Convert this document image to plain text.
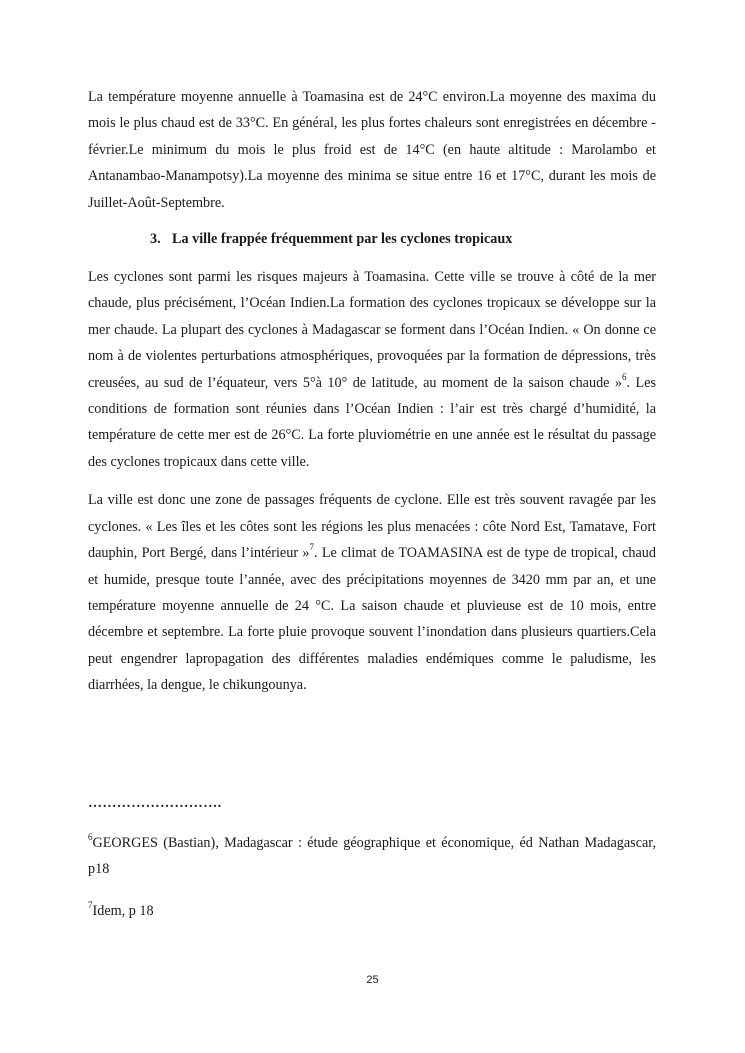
La température moyenne annuelle à Toamasina est de 24°C environ.La moyenne des maxima du mois le plus chaud est de 33°C. En général, les plus fortes chaleurs sont enregistrées en décembre - février.Le minimum du mois le plus froid est de 14°C (en haute altitude : Marolambo et Antanambao-Manampotsy).La moyenne des minima se situe entre 16 et 17°C, durant les mois de Juillet-Août-Septembre.

3. La ville frappée fréquemment par les cyclones tropicaux

Les cyclones sont parmi les risques majeurs à Toamasina. Cette ville se trouve à côté de la mer chaude, plus précisément, l’Océan Indien.La formation des cyclones tropicaux se développe sur la mer chaude. La plupart des cyclones à Madagascar se forment dans l’Océan Indien. « On donne ce nom à de violentes perturbations atmosphériques, provoquées par la formation de dépressions, très creusées, au sud de l’équateur, vers 5°à 10° de latitude, au moment de la saison chaude »$^6$. Les conditions de formation sont réunies dans l’Océan Indien : l’air est très chargé d’humidité, la température de cette mer est de 26°C. La forte pluviométrie en une année est le résultat du passage des cyclones tropicaux dans cette ville.

La ville est donc une zone de passages fréquents de cyclone. Elle est très souvent ravagée par les cyclones. « Les îles et les côtes sont les régions les plus menacées : côte Nord Est, Tamatave, Fort dauphin, Port Bergé, dans l’intérieur »$^7$. Le climat de TOAMASINA est de type de tropical, chaud et humide, presque toute l’année, avec des précipitations moyennes de 3420 mm par an, et une température moyenne annuelle de 24 °C. La saison chaude et pluvieuse est de 10 mois, entre décembre et septembre. La forte pluie provoque souvent l’inondation dans plusieurs quartiers.Cela peut engendrer lapropagation des différentes maladies endémiques comme le paludisme, les diarrhées, la dengue, le chikungounya.

……………………….

$^6$GEORGES (Bastian), Madagascar : étude géographique et économique, éd Nathan Madagascar, p18

$^7$Idem, p 18

25
